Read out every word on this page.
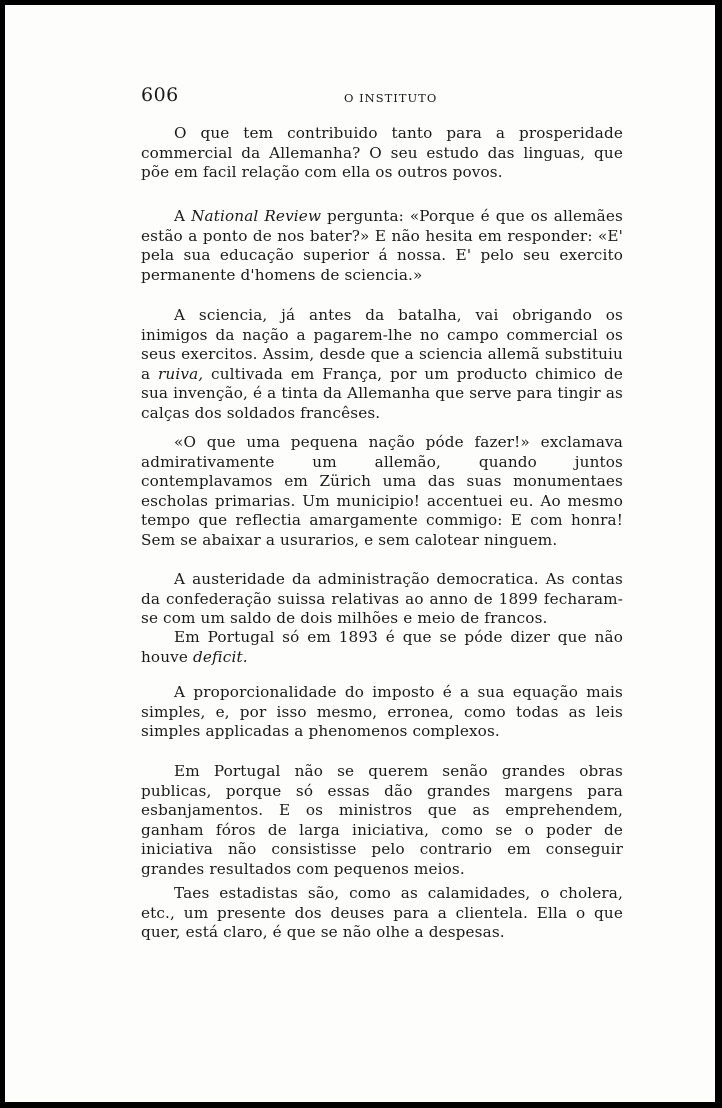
606	O INSTITUTO

O que tem contribuido tanto para a prosperidade commercial da Allemanha? O seu estudo das linguas, que põe em facil relação com ella os outros povos.

A National Review pergunta: «Porque é que os allemães estão a ponto de nos bater?» E não hesita em responder: «E' pela sua educação superior á nossa. E' pelo seu exercito permanente d'homens de sciencia.»

A sciencia, já antes da batalha, vai obrigando os inimigos da nação a pagarem-lhe no campo commercial os seus exercitos. Assim, desde que a sciencia allemã substituiu a ruiva, cultivada em França, por um producto chimico de sua invenção, é a tinta da Allemanha que serve para tingir as calças dos soldados francêses.

«O que uma pequena nação póde fazer!» exclamava admirativamente um allemão, quando juntos contemplavamos em Zürich uma das suas monumentaes escholas primarias. Um municipio! accentuei eu. Ao mesmo tempo que reflectia amargamente commigo: E com honra! Sem se abaixar a usurarios, e sem calotear ninguem.

A austeridade da administração democratica. As contas da confederação suissa relativas ao anno de 1899 fecharam-se com um saldo de dois milhões e meio de francos.

Em Portugal só em 1893 é que se póde dizer que não houve deficit.

A proporcionalidade do imposto é a sua equação mais simples, e, por isso mesmo, erronea, como todas as leis simples applicadas a phenomenos complexos.

Em Portugal não se querem senão grandes obras publicas, porque só essas dão grandes margens para esbanjamentos. E os ministros que as emprehendem, ganham fóros de larga iniciativa, como se o poder de iniciativa não consistisse pelo contrario em conseguir grandes resultados com pequenos meios.

Taes estadistas são, como as calamidades, o cholera, etc., um presente dos deuses para a clientela. Ella o que quer, está claro, é que se não olhe a despesas.
